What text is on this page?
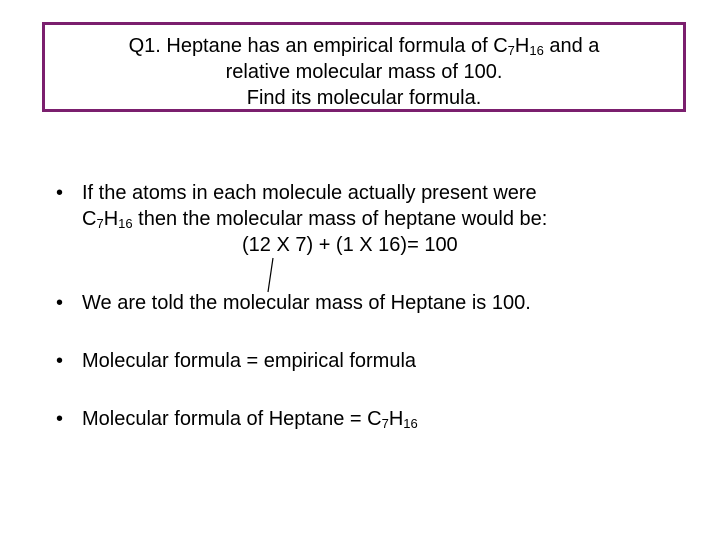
Q1. Heptane has an empirical formula of $C_7H_{16}$ and a
relative molecular mass of 100.
Find its molecular formula.
• If the atoms in each molecule actually present were
$C_7H_{16}$ then the molecular mass of heptane would be:
(12 X 7) + (1 X 16)= 100
• We are told the molecular mass of Heptane is 100.
• Molecular formula = empirical formula
• Molecular formula of $Heptane = C_7H_{16}$
